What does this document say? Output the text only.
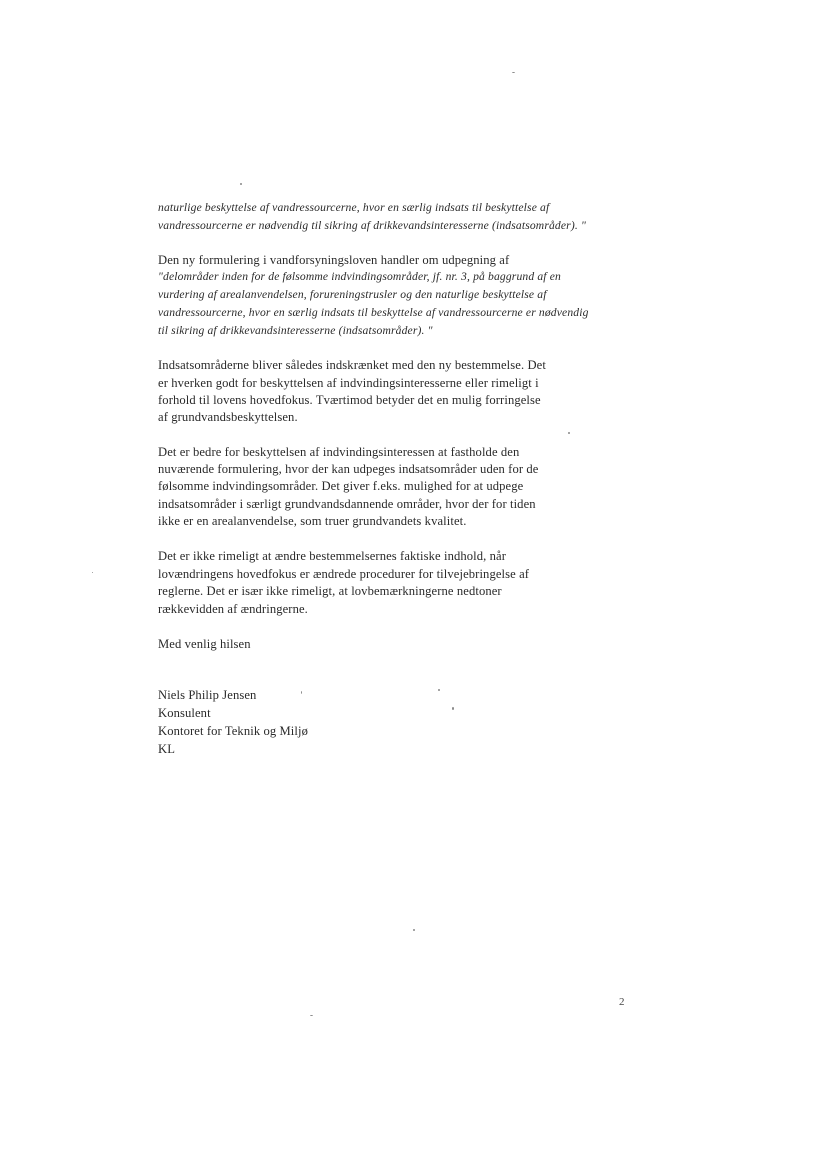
naturlige beskyttelse af vandressourcerne, hvor en særlig indsats til beskyttelse af
vandressourcerne er nødvendig til sikring af drikkevandsinteresserne (indsatsområder). "
Den ny formulering i vandforsyningsloven handler om udpegning af
"delområder inden for de følsomme indvindingsområder, jf. nr. 3, på baggrund af en
vurdering af arealanvendelsen, forureningstrusler og den naturlige beskyttelse af
vandressourcerne, hvor en særlig indsats til beskyttelse af vandressourcerne er nødvendig
til sikring af drikkevandsinteresserne (indsatsområder). "
Indsatsområderne bliver således indskrænket med den ny bestemmelse. Det
er hverken godt for beskyttelsen af indvindingsinteresserne eller rimeligt i
forhold til lovens hovedfokus. Tværtimod betyder det en mulig forringelse
af grundvandsbeskyttelsen.
Det er bedre for beskyttelsen af indvindingsinteressen at fastholde den
nuværende formulering, hvor der kan udpeges indsatsområder uden for de
følsomme indvindingsområder. Det giver f.eks. mulighed for at udpege
indsatsområder i særligt grundvandsdannende områder, hvor der for tiden
ikke er en arealanvendelse, som truer grundvandets kvalitet.
Det er ikke rimeligt at ændre bestemmelsernes faktiske indhold, når
lovændringens hovedfokus er ændrede procedurer for tilvejebringelse af
reglerne. Det er især ikke rimeligt, at lovbemærkningerne nedtoner
rækkevidden af ændringerne.
Med venlig hilsen
Niels Philip Jensen
Konsulent
Kontoret for Teknik og Miljø
KL
2
